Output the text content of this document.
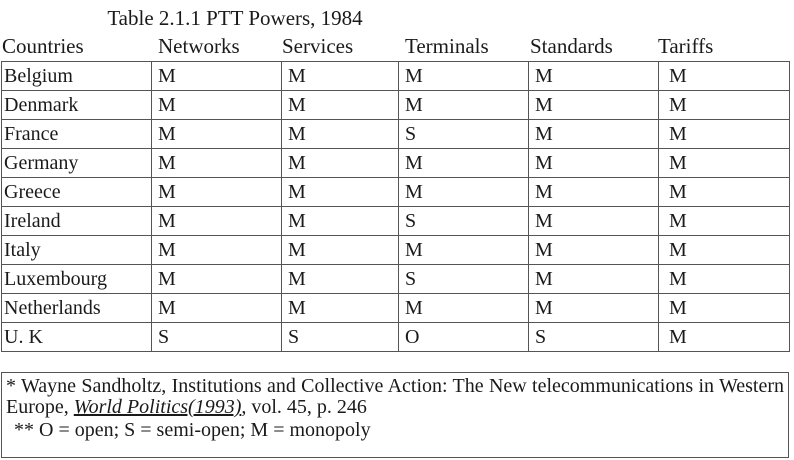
Table 2.1.1 PTT Powers, 1984
Countries	Networks Services Terminals Standards Tariffs
Belgium	M	M	M	M	M
Denmark	M	M	M	M	M
France	M	M	S	M	M
Germany	M	M	M	M	M
Greece	M	M	M	M	M
Ireland	M	M	S	M	M
Italy	M	M	M	M	M
Luxembourg	M	M	S	M	M
Netherlands	M	M	M	M	M
U. K	S	S	O	S	M
* Wayne Sandholtz, Institutions and Collective Action: The New telecommunications in Western Europe, World Politics(1993), vol. 45, p. 246
** O = open; S = semi-open; M = monopoly
